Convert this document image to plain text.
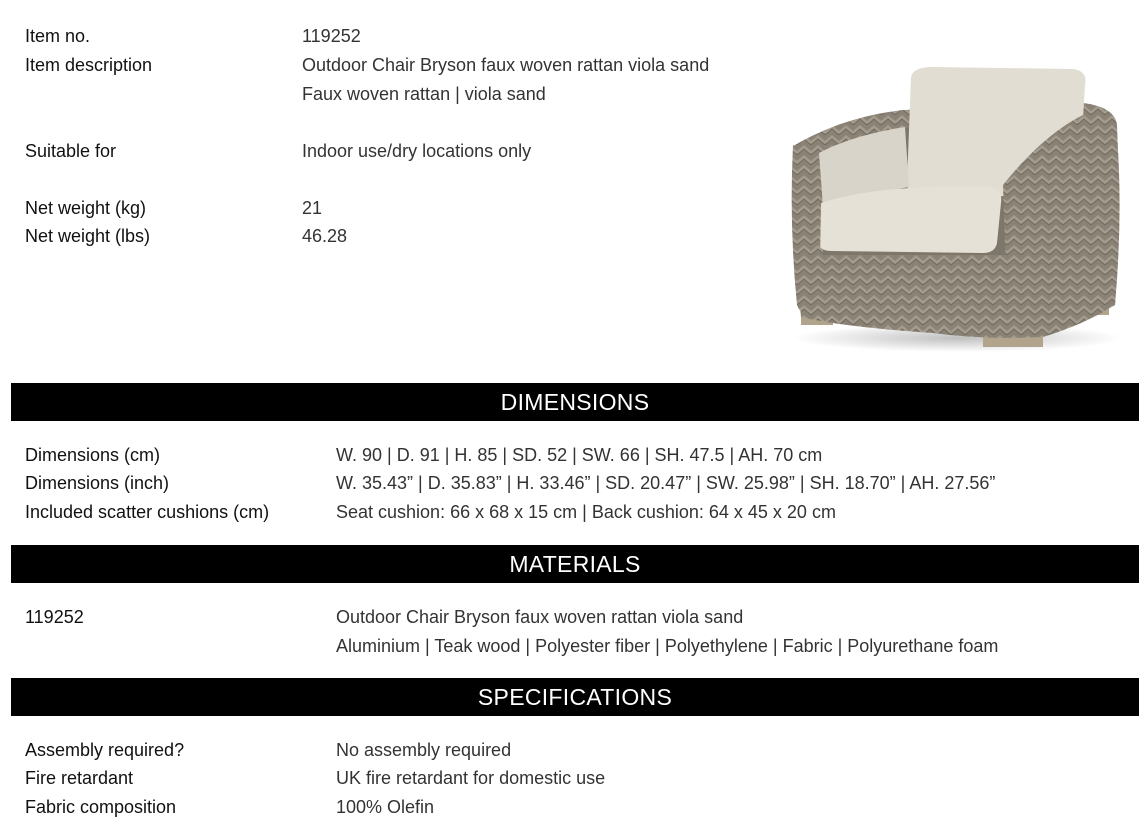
Item no.	119252
Item description	Outdoor Chair Bryson faux woven rattan viola sand
Faux woven rattan | viola sand
Suitable for	Indoor use/dry locations only
Net weight (kg)	21
Net weight (lbs)	46.28
DIMENSIONS
Dimensions (cm)	W. 90 | D. 91 | H. 85 | SD. 52 | SW. 66 | SH. 47.5 | AH. 70 cm
Dimensions (inch)	W. 35.43” | D. 35.83” | H. 33.46” | SD. 20.47” | SW. 25.98” | SH. 18.70” | AH. 27.56”
Included scatter cushions (cm)	Seat cushion: 66 x 68 x 15 cm | Back cushion: 64 x 45 x 20 cm
MATERIALS
119252	Outdoor Chair Bryson faux woven rattan viola sand
Aluminium | Teak wood | Polyester fiber | Polyethylene | Fabric | Polyurethane foam
SPECIFICATIONS
Assembly required?	No assembly required
Fire retardant	UK fire retardant for domestic use
Fabric composition	100% Olefin
